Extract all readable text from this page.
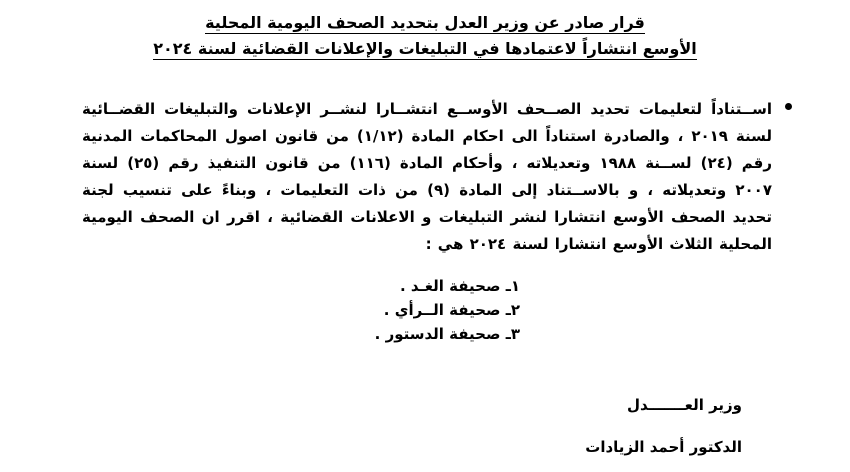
قرار صادر عن وزير العدل بتحديد الصحف اليومية المحلية
الأوسع انتشاراً لاعتمادها في التبليغات والإعلانات القضائية لسنة ٢٠٢٤
اســتناداً لتعليمات تحديد الصــحف الأوســع انتشــارا لنشــر الإعلانات والتبليغات القضــائية لسنة ٢٠١٩ ، والصادرة استناداً الى احكام المادة (١/١٢) من قانون اصول المحاكمات المدنية رقم (٢٤) لســنة ١٩٨٨ وتعديلاته ، وأحكام المادة (١١٦) من قانون التنفيذ رقم (٢٥) لسنة ٢٠٠٧ وتعديلاته ، و بالاســتناد إلى المادة (٩) من ذات التعليمات ، وبناءً على تنسيب لجنة تحديد الصحف الأوسع انتشارا لنشر التبليغات و الاعلانات القضائية ، اقرر ان الصحف اليومية المحلية الثلاث الأوسع انتشارا لسنة ٢٠٢٤ هي :
١ـ صحيفة الغـد .
٢ـ صحيفة الــرأي .
٣ـ صحيفة الدستور .
وزير العـــــــدل
الدكتور أحمد الزيادات
